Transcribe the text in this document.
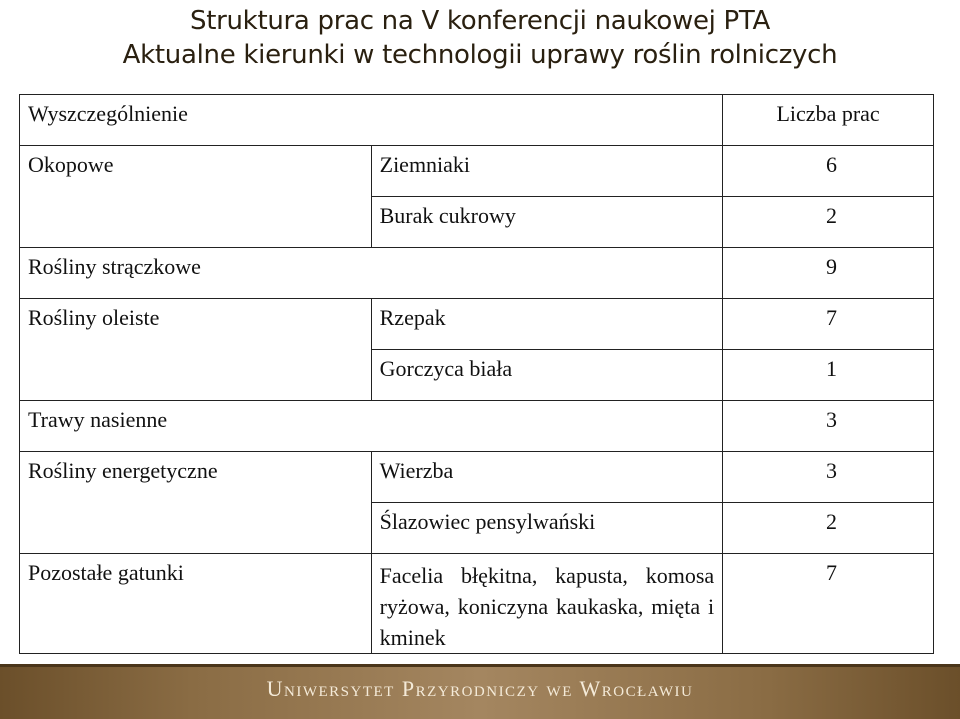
Struktura prac na V konferencji naukowej PTA
Aktualne kierunki w technologii uprawy roślin rolniczych
Wyszczególnienie		Liczba prac
Okopowe	Ziemniaki	6
	Burak cukrowy	2
Rośliny strączkowe		9
Rośliny oleiste	Rzepak	7
	Gorczyca biała	1
Trawy nasienne		3
Rośliny energetyczne	Wierzba	3
	Ślazowiec pensylwański	2
Pozostałe gatunki	Facelia błękitna, kapusta, komosa ryżowa, koniczyna kaukaska, mięta i kminek	7
Uniwersytet Przyrodniczy we Wrocławiu
